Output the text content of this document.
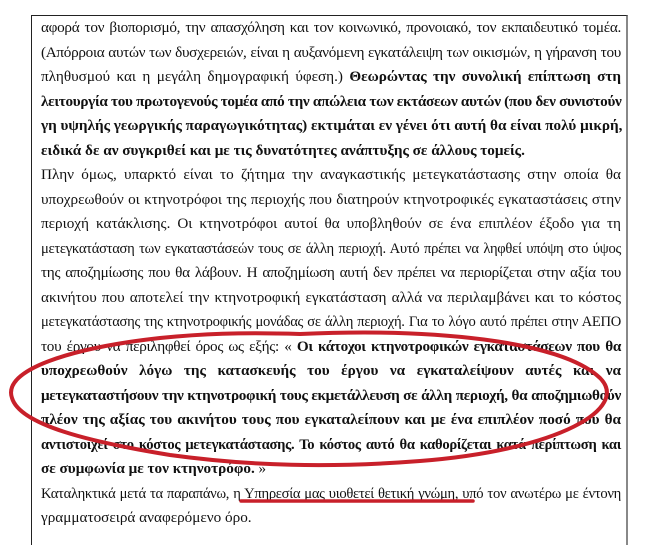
αφορά τον βιοπορισμό, την απασχόληση και τον κοινωνικό, προνοιακό, τον εκπαιδευτικό τομέα.
(Απόρροια αυτών των δυσχερειών, είναι η αυξανόμενη εγκατάλειψη των οικισμών, η γήρανση του
πληθυσμού και η μεγάλη δημογραφική ύφεση.) Θεωρώντας την συνολική επίπτωση στη
λειτουργία του πρωτογενούς τομέα από την απώλεια των εκτάσεων αυτών (που δεν συνιστούν
γη υψηλής γεωργικής παραγωγικότητας) εκτιμάται εν γένει ότι αυτή θα είναι πολύ μικρή,
ειδικά δε αν συγκριθεί και με τις δυνατότητες ανάπτυξης σε άλλους τομείς.
Πλην όμως, υπαρκτό είναι το ζήτημα την αναγκαστικής μετεγκατάστασης στην οποία θα
υποχρεωθούν οι κτηνοτρόφοι της περιοχής που διατηρούν κτηνοτροφικές εγκαταστάσεις στην
περιοχή κατάκλισης. Οι κτηνοτρόφοι αυτοί θα υποβληθούν σε ένα επιπλέον έξοδο για τη
μετεγκατάσταση των εγκαταστάσεών τους σε άλλη περιοχή. Αυτό πρέπει να ληφθεί υπόψη στο ύψος
της αποζημίωσης που θα λάβουν. Η αποζημίωση αυτή δεν πρέπει να περιορίζεται στην αξία του
ακινήτου που αποτελεί την κτηνοτροφική εγκατάσταση αλλά να περιλαμβάνει και το κόστος
μετεγκατάστασης της κτηνοτροφικής μονάδας σε άλλη περιοχή. Για το λόγο αυτό πρέπει στην ΑΕΠΟ
του έργου να περιληφθεί όρος ως εξής: « Οι κάτοχοι κτηνοτροφικών εγκαταστάσεων που θα
υποχρεωθούν λόγω της κατασκευής του έργου να εγκαταλείψουν αυτές και να
μετεγκαταστήσουν την κτηνοτροφική τους εκμετάλλευση σε άλλη περιοχή, θα αποζημιωθούν
πλέον της αξίας του ακινήτου τους που εγκαταλείπουν και με ένα επιπλέον ποσό που θα
αντιστοιχεί στο κόστος μετεγκατάστασης. Το κόστος αυτό θα καθορίζεται κατά περίπτωση και
σε συμφωνία με τον κτηνοτρόφο. »
Καταληκτικά μετά τα παραπάνω, η Υπηρεσία μας υιοθετεί θετική γνώμη, υπό τον ανωτέρω με έντονη
γραμματοσειρά αναφερόμενο όρο.
